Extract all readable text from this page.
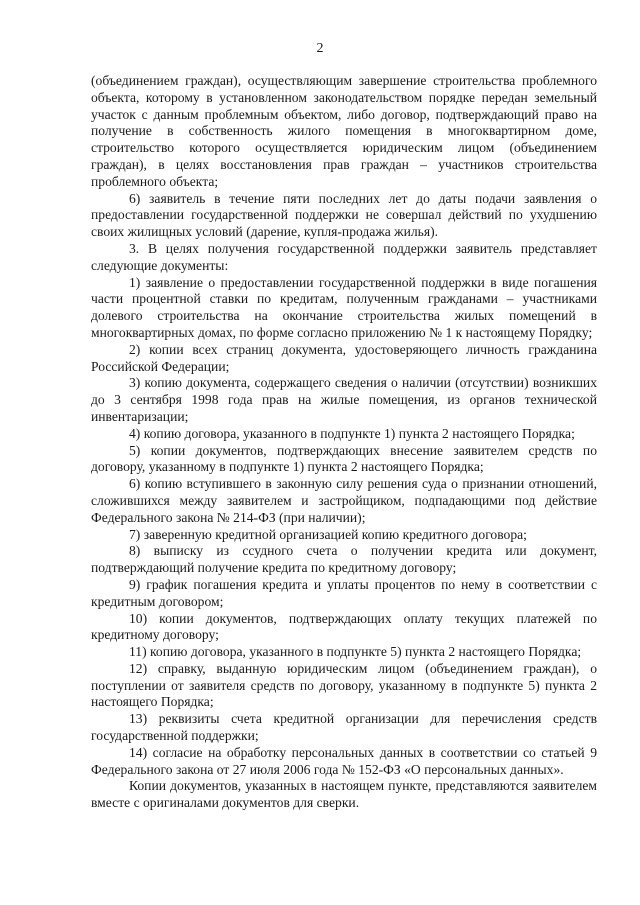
2

(объединением граждан), осуществляющим завершение строительства проблемного объекта, которому в установленном законодательством порядке передан земельный участок с данным проблемным объектом, либо договор, подтверждающий право на получение в собственность жилого помещения в многоквартирном доме, строительство которого осуществляется юридическим лицом (объединением граждан), в целях восстановления прав граждан – участников строительства проблемного объекта;

6) заявитель в течение пяти последних лет до даты подачи заявления о предоставлении государственной поддержки не совершал действий по ухудшению своих жилищных условий (дарение, купля-продажа жилья).

3. В целях получения государственной поддержки заявитель представляет следующие документы:

1) заявление о предоставлении государственной поддержки в виде погашения части процентной ставки по кредитам, полученным гражданами – участниками долевого строительства на окончание строительства жилых помещений в многоквартирных домах, по форме согласно приложению № 1 к настоящему Порядку;

2) копии всех страниц документа, удостоверяющего личность гражданина Российской Федерации;

3) копию документа, содержащего сведения о наличии (отсутствии) возникших до 3 сентября 1998 года прав на жилые помещения, из органов технической инвентаризации;

4) копию договора, указанного в подпункте 1) пункта 2 настоящего Порядка;

5) копии документов, подтверждающих внесение заявителем средств по договору, указанному в подпункте 1) пункта 2 настоящего Порядка;

6) копию вступившего в законную силу решения суда о признании отношений, сложившихся между заявителем и застройщиком, подпадающими под действие Федерального закона № 214-ФЗ (при наличии);

7) заверенную кредитной организацией копию кредитного договора;

8) выписку из ссудного счета о получении кредита или документ, подтверждающий получение кредита по кредитному договору;

9) график погашения кредита и уплаты процентов по нему в соответствии с кредитным договором;

10) копии документов, подтверждающих оплату текущих платежей по кредитному договору;

11) копию договора, указанного в подпункте 5) пункта 2 настоящего Порядка;

12) справку, выданную юридическим лицом (объединением граждан), о поступлении от заявителя средств по договору, указанному в подпункте 5) пункта 2 настоящего Порядка;

13) реквизиты счета кредитной организации для перечисления средств государственной поддержки;

14) согласие на обработку персональных данных в соответствии со статьей 9 Федерального закона от 27 июля 2006 года № 152-ФЗ «О персональных данных».

Копии документов, указанных в настоящем пункте, представляются заявителем вместе с оригиналами документов для сверки.
